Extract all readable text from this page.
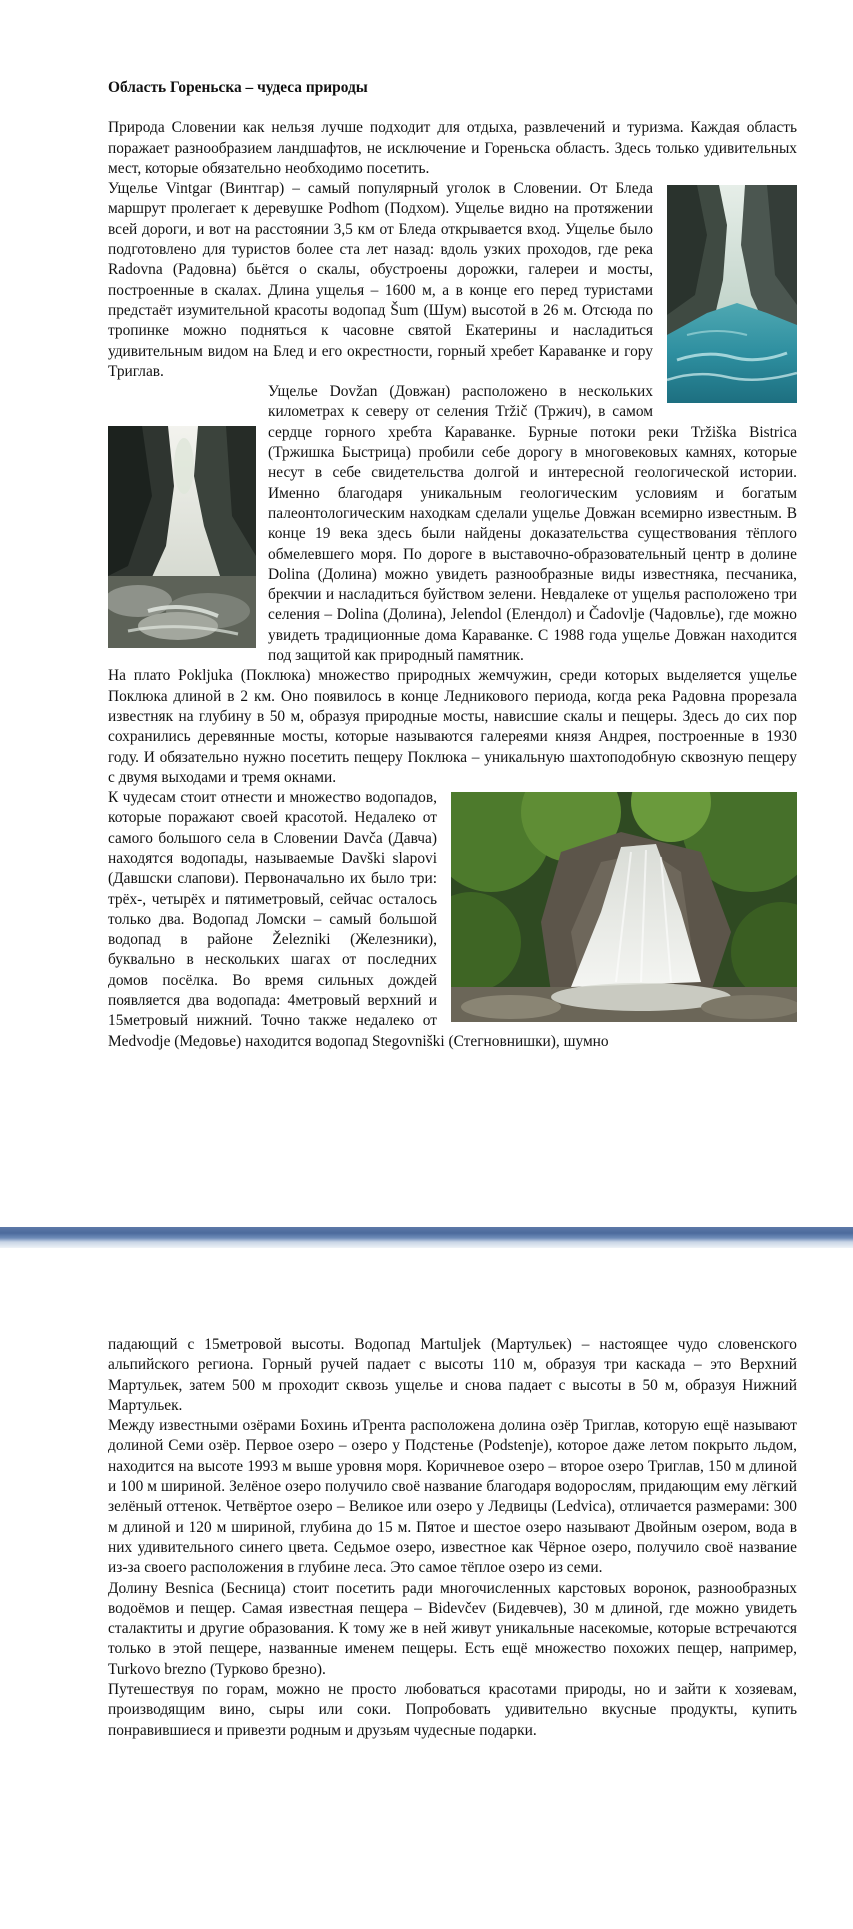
Область Гореньска – чудеса природы

Природа Словении как нельзя лучше подходит для отдыха, развлечений и туризма. Каждая область поражает разнообразием ландшафтов, не исключение и Гореньска область. Здесь только удивительных мест, которые обязательно необходимо посетить.

Ущелье Vintgar (Винтгар) – самый популярный уголок в Словении. От Бледа маршрут пролегает к деревушке Podhom (Подхом). Ущелье видно на протяжении всей дороги, и вот на расстоянии 3,5 км от Бледа открывается вход. Ущелье было подготовлено для туристов более ста лет назад: вдоль узких проходов, где река Radovna (Радовна) бьётся о скалы, обустроены дорожки, галереи и мосты, построенные в скалах. Длина ущелья – 1600 м, а в конце его перед туристами предстаёт изумительной красоты водопад Šum (Шум) высотой в 26 м. Отсюда по тропинке можно подняться к часовне святой Екатерины и насладиться удивительным видом на Блед и его окрестности, горный хребет Караванке и гору Триглав.

Ущелье Dovžan (Довжан) расположено в нескольких километрах к северу от селения Tržič (Тржич), в самом сердце горного хребта Караванке. Бурные потоки реки Tržiška Bistrica (Тржишка Быстрица) пробили себе дорогу в многовековых камнях, которые несут в себе свидетельства долгой и интересной геологической истории. Именно благодаря уникальным геологическим условиям и богатым палеонтологическим находкам сделали ущелье Довжан всемирно известным. В конце 19 века здесь были найдены доказательства существования тёплого обмелевшего моря. По дороге в выставочно-образовательный центр в долине Dolina (Долина) можно увидеть разнообразные виды известняка, песчаника, брекчии и насладиться буйством зелени. Невдалеке от ущелья расположено три селения – Dolina (Долина), Jelendol (Елендол) и Čadovlje (Чадовлье), где можно увидеть традиционные дома Караванке. С 1988 года ущелье Довжан находится под защитой как природный памятник.

На плато Pokljuka (Поклюка) множество природных жемчужин, среди которых выделяется ущелье Поклюка длиной в 2 км. Оно появилось в конце Ледникового периода, когда река Радовна прорезала известняк на глубину в 50 м, образуя природные мосты, нависшие скалы и пещеры. Здесь до сих пор сохранились деревянные мосты, которые называются галереями князя Андрея, построенные в 1930 году. И обязательно нужно посетить пещеру Поклюка – уникальную шахтоподобную сквозную пещеру с двумя выходами и тремя окнами.

К чудесам стоит отнести и множество водопадов, которые поражают своей красотой. Недалеко от самого большого села в Словении Davča (Давча) находятся водопады, называемые Davški slapovi (Давшски слапови). Первоначально их было три: трёх-, четырёх и пятиметровый, сейчас осталось только два. Водопад Ломски – самый большой водопад в районе Železniki (Железники), буквально в нескольких шагах от последних домов посёлка. Во время сильных дождей появляется два водопада: 4метровый верхний и 15метровый нижний. Точно также недалеко от Medvodje (Медовье) находится водопад Stegovniški (Стегновнишки), шумно

падающий с 15метровой высоты. Водопад Martuljek (Мартульек) – настоящее чудо словенского альпийского региона. Горный ручей падает с высоты 110 м, образуя три каскада – это Верхний Мартульек, затем 500 м проходит сквозь ущелье и снова падает с высоты в 50 м, образуя Нижний Мартульек.

Между известными озёрами Бохинь иТрента расположена долина озёр Триглав, которую ещё называют долиной Семи озёр. Первое озеро – озеро у Подстенье (Podstenje), которое даже летом покрыто льдом, находится на высоте 1993 м выше уровня моря. Коричневое озеро – второе озеро Триглав, 150 м длиной и 100 м шириной. Зелёное озеро получило своё название благодаря водорослям, придающим ему лёгкий зелёный оттенок. Четвёртое озеро – Великое или озеро у Ледвицы (Ledvica), отличается размерами: 300 м длиной и 120 м шириной, глубина до 15 м. Пятое и шестое озеро называют Двойным озером, вода в них удивительного синего цвета. Седьмое озеро, известное как Чёрное озеро, получило своё название из-за своего расположения в глубине леса. Это самое тёплое озеро из семи.

Долину Besnica (Бесница) стоит посетить ради многочисленных карстовых воронок, разнообразных водоёмов и пещер. Самая известная пещера – Bidevčev (Бидевчев), 30 м длиной, где можно увидеть сталактиты и другие образования. К тому же в ней живут уникальные насекомые, которые встречаются только в этой пещере, названные именем пещеры. Есть ещё множество похожих пещер, например, Turkovo brezno (Турково брезно).

Путешествуя по горам, можно не просто любоваться красотами природы, но и зайти к хозяевам, производящим вино, сыры или соки. Попробовать удивительно вкусные продукты, купить понравившиеся и привезти родным и друзьям чудесные подарки.
